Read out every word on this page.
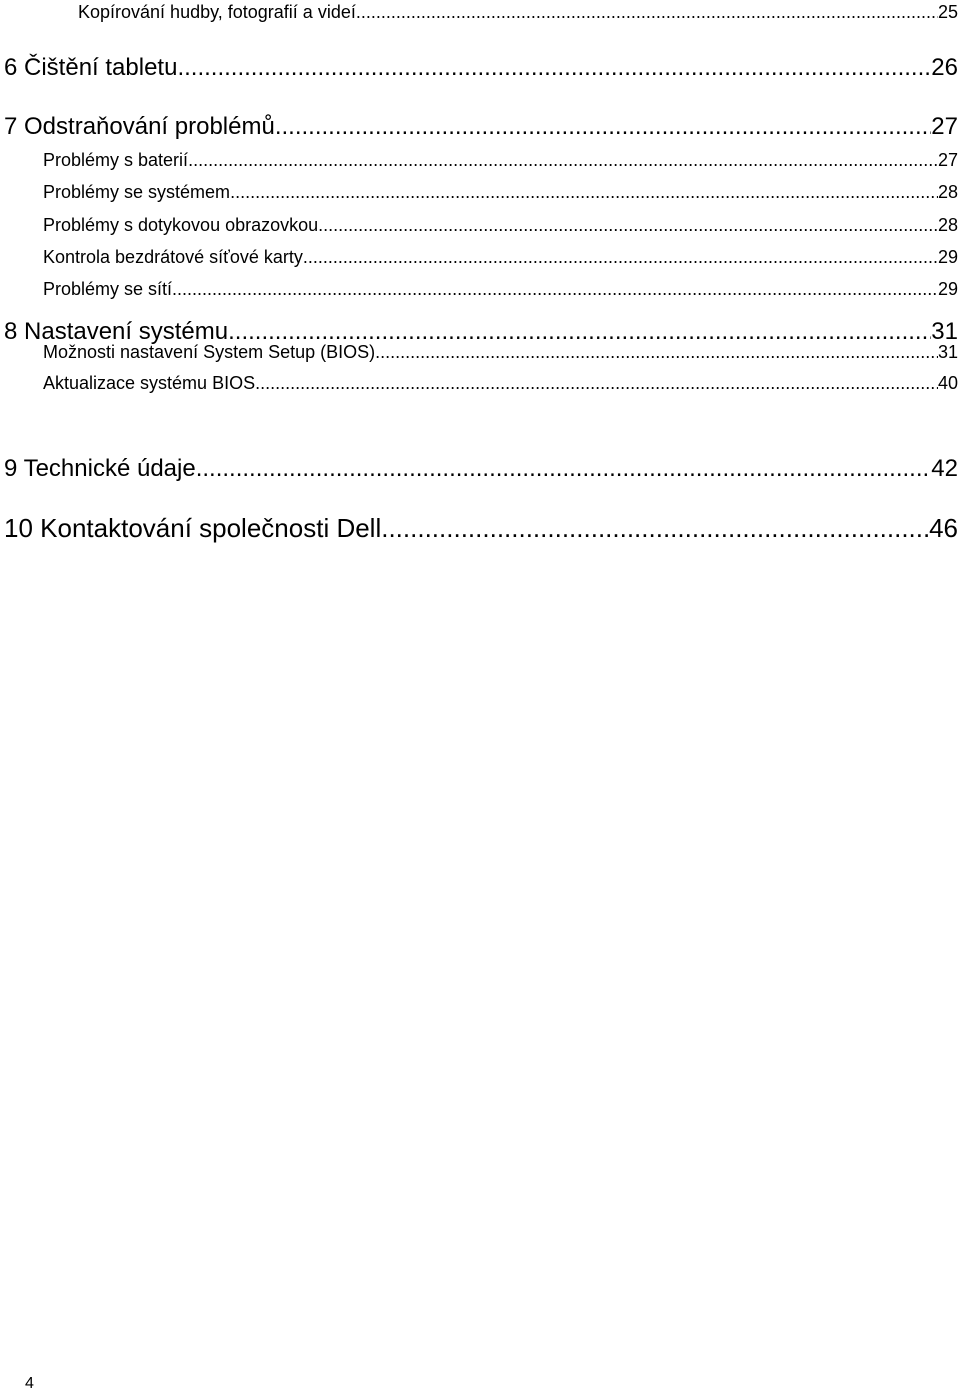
Kopírování hudby, fotografií a videí .....	25
6 Čištění tabletu .....	26
7 Odstraňování problémů .....	27
Problémy s baterií .....	27
Problémy se systémem .....	28
Problémy s dotykovou obrazovkou .....	28
Kontrola bezdrátové síťové karty .....	29
Problémy se sítí .....	29
8 Nastavení systému .....	31
Možnosti nastavení System Setup (BIOS) .....	31
Aktualizace systému BIOS .....	40
9 Technické údaje .....	42
10 Kontaktování společnosti Dell .....	46
4
